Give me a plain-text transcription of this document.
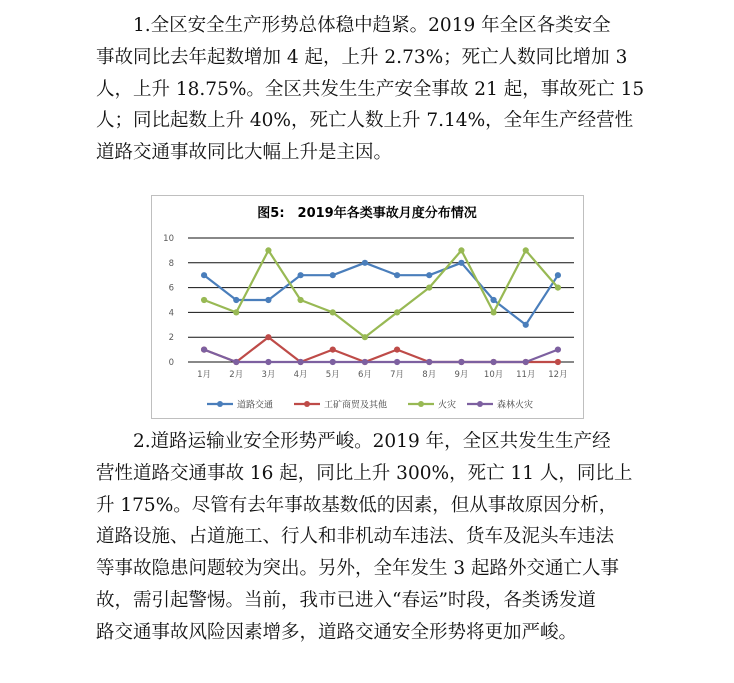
1.全区安全生产形势总体稳中趋紧。2019 年全区各类安全
事故同比去年起数增加 4 起，上升 2.73%；死亡人数同比增加 3
人，上升 18.75%。全区共发生生产安全事故 21 起，事故死亡 15
人；同比起数上升 40%，死亡人数上升 7.14%，全年生产经营性
道路交通事故同比大幅上升是主因。
图5:　2019年各类事故月度分布情况
0
2
4
6
8
10
1月 2月 3月 4月 5月 6月 7月 8月 9月 10月 11月 12月
道路交通	工矿商贸及其他	火灾	森林火灾
2.道路运输业安全形势严峻。2019 年，全区共发生生产经
营性道路交通事故 16 起，同比上升 300%，死亡 11 人，同比上
升 175%。尽管有去年事故基数低的因素，但从事故原因分析，
道路设施、占道施工、行人和非机动车违法、货车及泥头车违法
等事故隐患问题较为突出。另外，全年发生 3 起路外交通亡人事
故，需引起警惕。当前，我市已进入“春运”时段，各类诱发道
路交通事故风险因素增多，道路交通安全形势将更加严峻。
